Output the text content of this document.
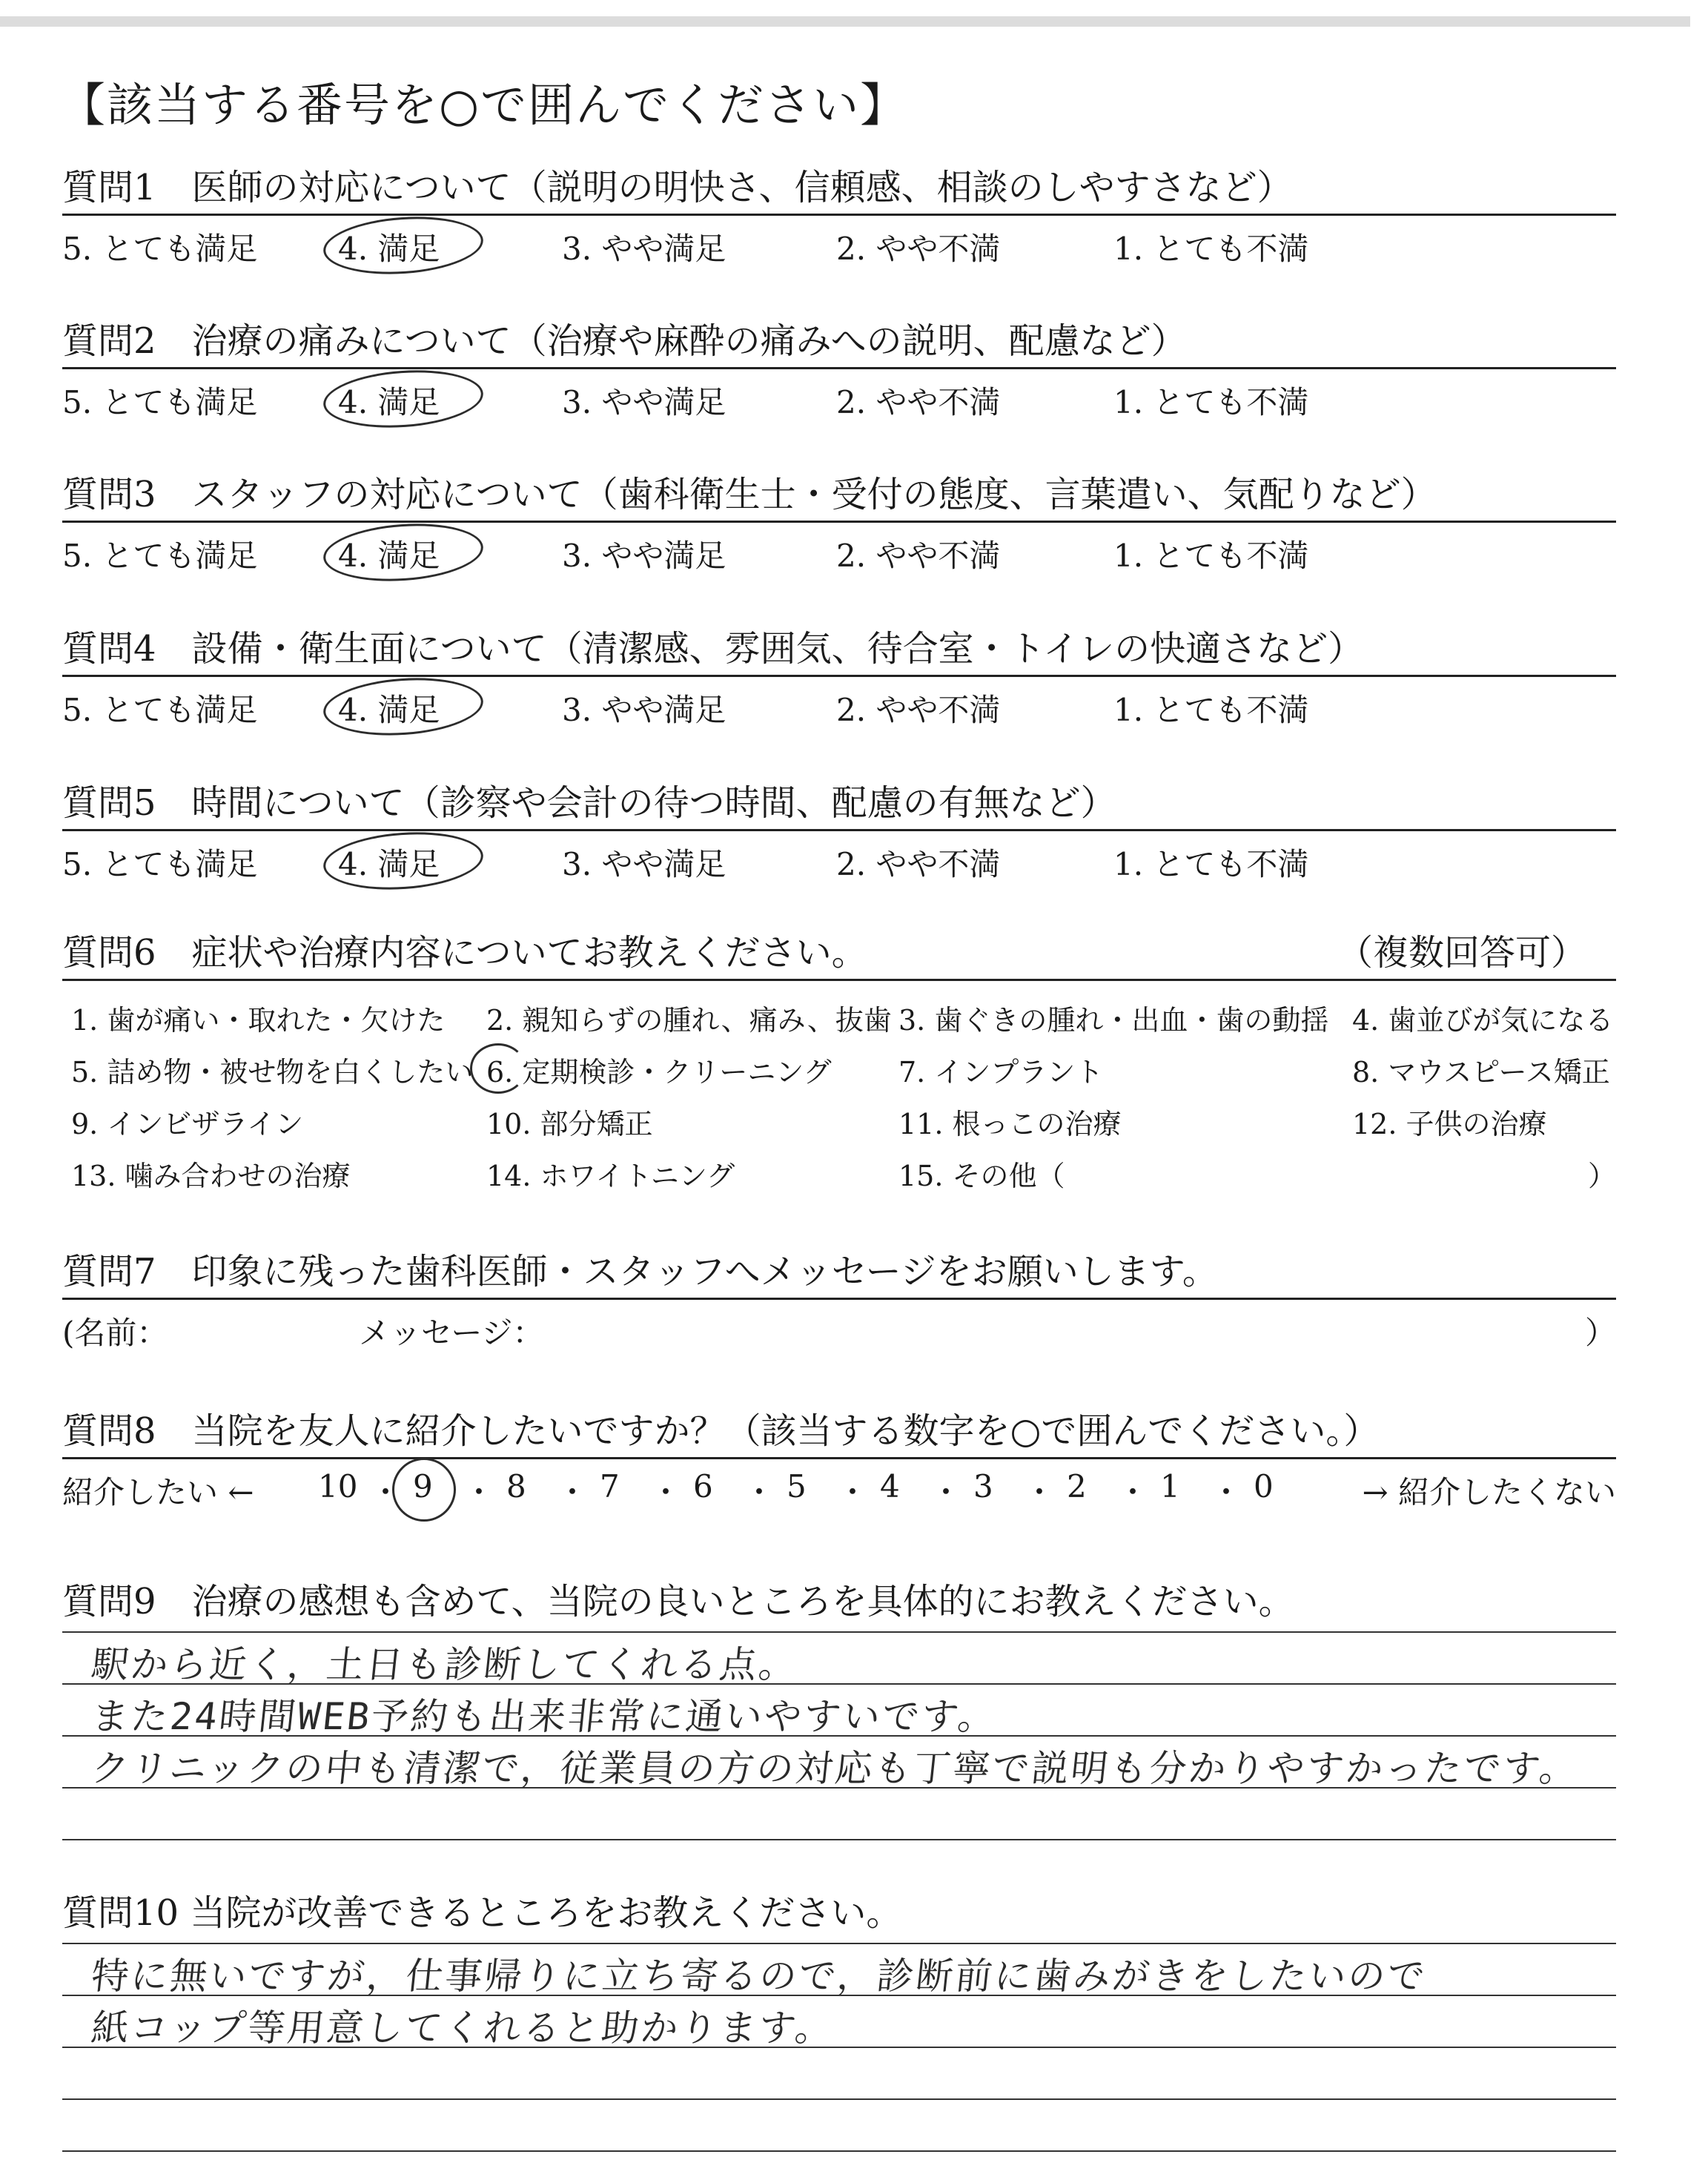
【該当する番号を○で囲んでください】
質問1　医師の対応について（説明の明快さ、信頼感、相談のしやすさなど）
5. とても満足	4. 満足	3. やや満足	2. やや不満	1. とても不満
質問2　治療の痛みについて（治療や麻酔の痛みへの説明、配慮など）
5. とても満足	4. 満足	3. やや満足	2. やや不満	1. とても不満
質問3　スタッフの対応について（歯科衛生士・受付の態度、言葉遣い、気配りなど）
5. とても満足	4. 満足	3. やや満足	2. やや不満	1. とても不満
質問4　設備・衛生面について（清潔感、雰囲気、待合室・トイレの快適さなど）
5. とても満足	4. 満足	3. やや満足	2. やや不満	1. とても不満
質問5　時間について（診察や会計の待つ時間、配慮の有無など）
5. とても満足	4. 満足	3. やや満足	2. やや不満	1. とても不満
質問6　症状や治療内容についてお教えください。	（複数回答可）
1. 歯が痛い・取れた・欠けた 2. 親知らずの腫れ、痛み、抜歯 3. 歯ぐきの腫れ・出血・歯の動揺 4. 歯並びが気になる
5. 詰め物・被せ物を白くしたい 6. 定期検診・クリーニング 7. インプラント	8. マウスピース矯正
9. インビザライン	10. 部分矯正	11. 根っこの治療	12. 子供の治療
13. 噛み合わせの治療	14. ホワイトニング	15. その他（	）
質問7　印象に残った歯科医師・スタッフへメッセージをお願いします。
(名前：	メッセージ：	）
質問8　当院を友人に紹介したいですか？（該当する数字を○で囲んでください。）
紹介したい ←	→ 紹介したくない
10 ・ 9 ・ 8 ・ 7 ・ 6 ・ 5 ・ 4 ・ 3 ・ 2 ・ 1 ・ 0
質問9　治療の感想も含めて、当院の良いところを具体的にお教えください。
駅から近く，土日も診断してくれる点。
また24時間WEB予約も出来非常に通いやすいです。
クリニックの中も清潔で，従業員の方の対応も丁寧で説明も分かりやすかったです。
質問10 当院が改善できるところをお教えください。
特に無いですが，仕事帰りに立ち寄るので，診断前に歯みがきをしたいので
紙コップ等用意してくれると助かります。
